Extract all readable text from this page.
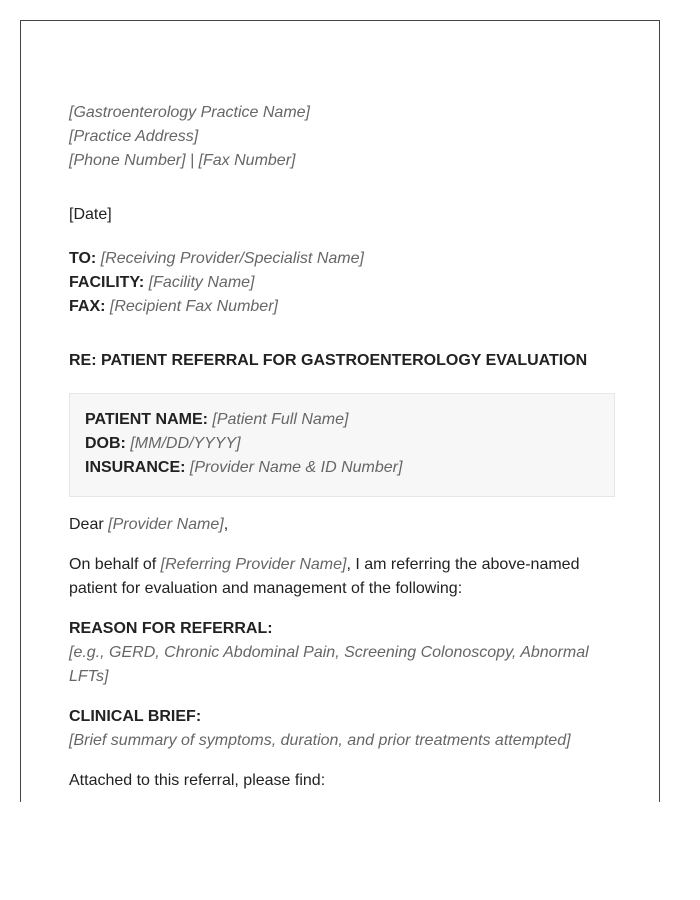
[Gastroenterology Practice Name]
[Practice Address]
[Phone Number] | [Fax Number]

[Date]

TO: [Receiving Provider/Specialist Name]
FACILITY: [Facility Name]
FAX: [Recipient Fax Number]

RE: PATIENT REFERRAL FOR GASTROENTEROLOGY EVALUATION

PATIENT NAME: [Patient Full Name]
DOB: [MM/DD/YYYY]
INSURANCE: [Provider Name & ID Number]

Dear [Provider Name],

On behalf of [Referring Provider Name], I am referring the above-named patient for evaluation and management of the following:

REASON FOR REFERRAL:
[e.g., GERD, Chronic Abdominal Pain, Screening Colonoscopy, Abnormal LFTs]
CLINICAL BRIEF:
[Brief summary of symptoms, duration, and prior treatments attempted]

Attached to this referral, please find:
